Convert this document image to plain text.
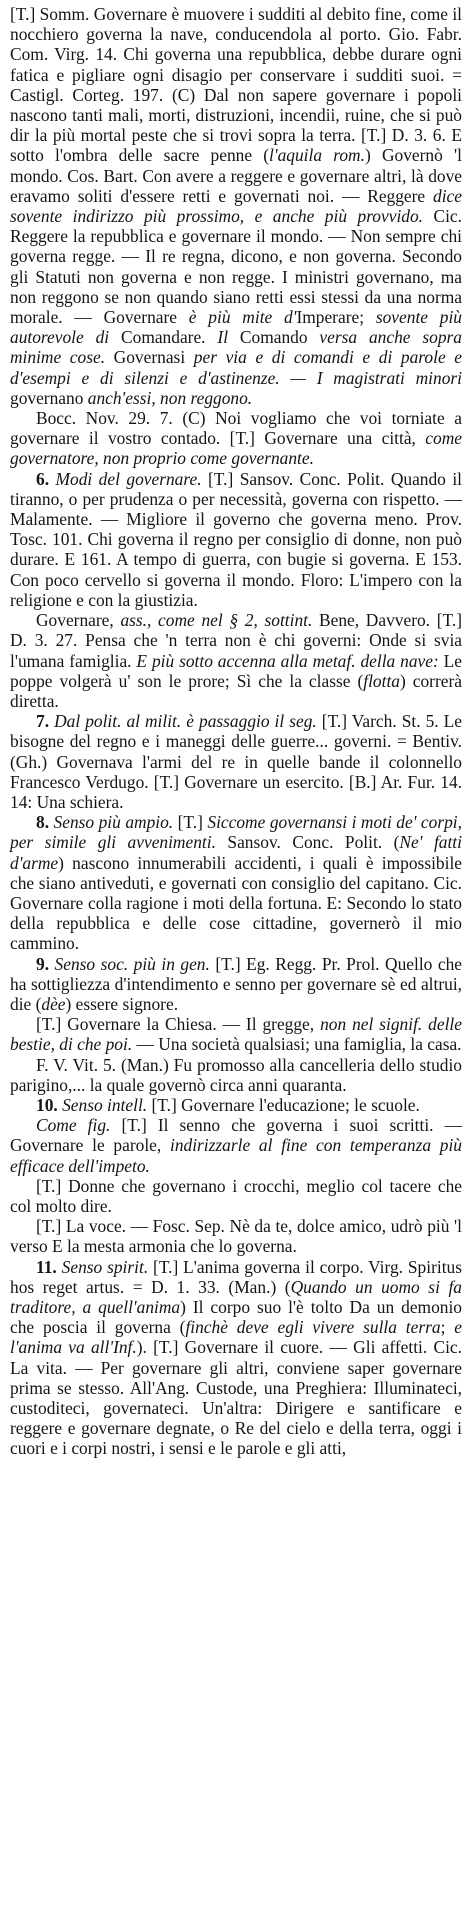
[T.] Somm. Governare è muovere i sudditi al debito fine, come il nocchiero governa la nave, conducendola al porto. Gio. Fabr. Com. Virg. 14. Chi governa una repubblica, debbe durare ogni fatica e pigliare ogni disagio per conservare i sudditi suoi. = Castigl. Corteg. 197. (C) Dal non sapere governare i popoli nascono tanti mali, morti, distruzioni, incendii, ruine, che si può dir la più mortal peste che si trovi sopra la terra. [T.] D. 3. 6. E sotto l'ombra delle sacre penne (l'aquila rom.) Governò 'l mondo. Cos. Bart. Con avere a reggere e governare altri, là dove eravamo soliti d'essere retti e governati noi. — Reggere dice sovente indirizzo più prossimo, e anche più provvido. Cic. Reggere la repubblica e governare il mondo. — Non sempre chi governa regge. — Il re regna, dicono, e non governa. Secondo gli Statuti non governa e non regge. I ministri governano, ma non reggono se non quando siano retti essi stessi da una norma morale. — Governare è più mite d'Imperare; sovente più autorevole di Comandare. Il Comando versa anche sopra minime cose. Governasi per via e di comandi e di parole e d'esempi e di silenzi e d'astinenze. — I magistrati minori governano anch'essi, non reggono.

Bocc. Nov. 29. 7. (C) Noi vogliamo che voi torniate a governare il vostro contado. [T.] Governare una città, come governatore, non proprio come governante.

6. Modi del governare. [T.] Sansov. Conc. Polit. Quando il tiranno, o per prudenza o per necessità, governa con rispetto. — Malamente. — Migliore il governo che governa meno. Prov. Tosc. 101. Chi governa il regno per consiglio di donne, non può durare. E 161. A tempo di guerra, con bugie si governa. E 153. Con poco cervello si governa il mondo. Floro: L'impero con la religione e con la giustizia.

Governare, ass., come nel § 2, sottint. Bene, Davvero. [T.] D. 3. 27. Pensa che 'n terra non è chi governi: Onde si svia l'umana famiglia. E più sotto accenna alla metaf. della nave: Le poppe volgerà u' son le prore; Sì che la classe (flotta) correrà diretta.

7. Dal polit. al milit. è passaggio il seg. [T.] Varch. St. 5. Le bisogne del regno e i maneggi delle guerre... governi. = Bentiv. (Gh.) Governava l'armi del re in quelle bande il colonnello Francesco Verdugo. [T.] Governare un esercito. [B.] Ar. Fur. 14. 14: Una schiera.

8. Senso più ampio. [T.] Siccome governansi i moti de' corpi, per simile gli avvenimenti. Sansov. Conc. Polit. (Ne' fatti d'arme) nascono innumerabili accidenti, i quali è impossibile che siano antiveduti, e governati con consiglio del capitano. Cic. Governare colla ragione i moti della fortuna. E: Secondo lo stato della repubblica e delle cose cittadine, governerò il mio cammino.

9. Senso soc. più in gen. [T.] Eg. Regg. Pr. Prol. Quello che ha sottigliezza d'intendimento e senno per governare sè ed altrui, die (dèe) essere signore.

[T.] Governare la Chiesa. — Il gregge, non nel signif. delle bestie, di che poi. — Una società qualsiasi; una famiglia, la casa.

F. V. Vit. 5. (Man.) Fu promosso alla cancelleria dello studio parigino,... la quale governò circa anni quaranta.

10. Senso intell. [T.] Governare l'educazione; le scuole.

Come fig. [T.] Il senno che governa i suoi scritti. — Governare le parole, indirizzarle al fine con temperanza più efficace dell'impeto.

[T.] Donne che governano i crocchi, meglio col tacere che col molto dire.

[T.] La voce. — Fosc. Sep. Nè da te, dolce amico, udrò più 'l verso E la mesta armonia che lo governa.

11. Senso spirit. [T.] L'anima governa il corpo. Virg. Spiritus hos reget artus. = D. 1. 33. (Man.) (Quando un uomo si fa traditore, a quell'anima) Il corpo suo l'è tolto Da un demonio che poscia il governa (finchè deve egli vivere sulla terra; e l'anima va all'Inf.). [T.] Governare il cuore. — Gli affetti. Cic. La vita. — Per governare gli altri, conviene saper governare prima se stesso. All'Ang. Custode, una Preghiera: Illuminateci, custoditeci, governateci. Un'altra: Dirigere e santificare e reggere e governare degnate, o Re del cielo e della terra, oggi i cuori e i corpi nostri, i sensi e le parole e gli atti,
